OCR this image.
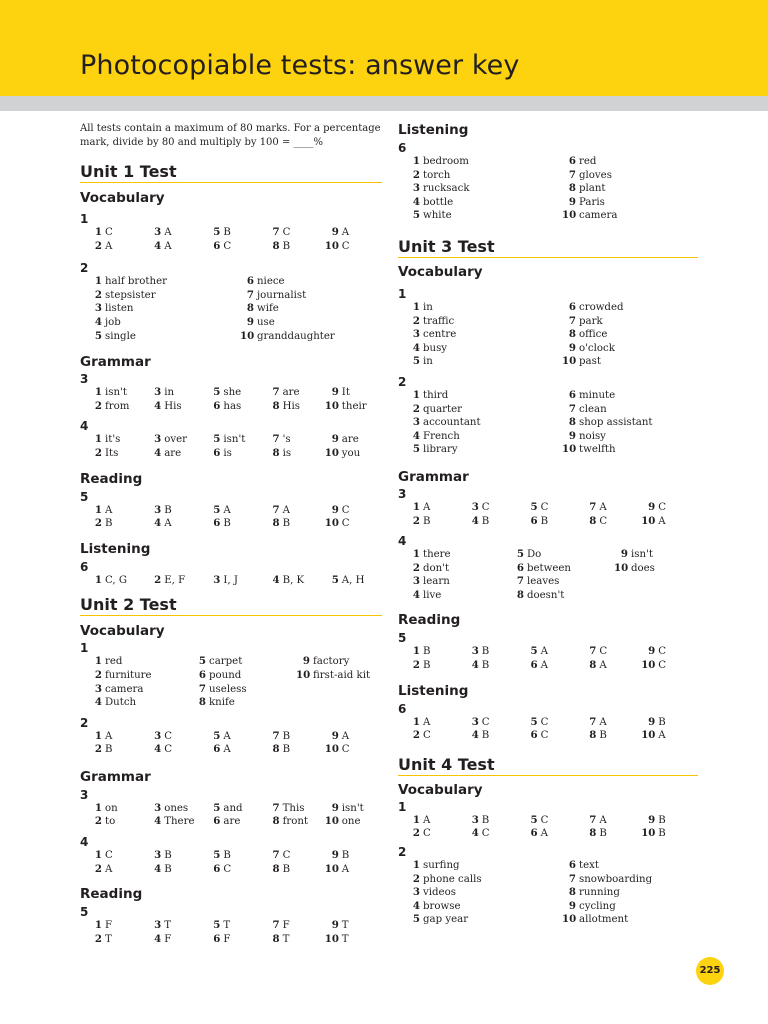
Photocopiable tests: answer key

All tests contain a maximum of 80 marks. For a percentage mark, divide by 80 and multiply by 100 = ____%

Unit 1 Test
Vocabulary
1
1 C	3 A	5 B	7 C	9 A
2 A	4 A	6 C	8 B	10 C
2
1 half brother	6 niece
2 stepsister	7 journalist
3 listen	8 wife
4 job	9 use
5 single	10 granddaughter
Grammar
3
1 isn't	3 in	5 she	7 are	9 It
2 from	4 His	6 has	8 His	10 their
4
1 it's	3 over	5 isn't	7 's	9 are
2 Its	4 are	6 is	8 is	10 you
Reading
5
1 A	3 B	5 A	7 A	9 C
2 B	4 A	6 B	8 B	10 C
Listening
6
1 C, G	2 E, F	3 I, J	4 B, K	5 A, H
Unit 2 Test
Vocabulary
1
1 red	5 carpet	9 factory
2 furniture	6 pound	10 first-aid kit
3 camera	7 useless
4 Dutch	8 knife
2
1 A	3 C	5 A	7 B	9 A
2 B	4 C	6 A	8 B	10 C
Grammar
3
1 on	3 ones	5 and	7 This	9 isn't
2 to	4 There	6 are	8 front	10 one
4
1 C	3 B	5 B	7 C	9 B
2 A	4 B	6 C	8 B	10 A
Reading
5
1 F	3 T	5 T	7 F	9 T
2 T	4 F	6 F	8 T	10 T
Listening
6
1 bedroom	6 red
2 torch	7 gloves
3 rucksack	8 plant
4 bottle	9 Paris
5 white	10 camera
Unit 3 Test
Vocabulary
1
1 in	6 crowded
2 traffic	7 park
3 centre	8 office
4 busy	9 o'clock
5 in	10 past
2
1 third	6 minute
2 quarter	7 clean
3 accountant	8 shop assistant
4 French	9 noisy
5 library	10 twelfth
Grammar
3
1 A	3 C	5 C	7 A	9 C
2 B	4 B	6 B	8 C	10 A
4
1 there	5 Do	9 isn't
2 don't	6 between	10 does
3 learn	7 leaves
4 live	8 doesn't
Reading
5
1 B	3 B	5 A	7 C	9 C
2 B	4 B	6 A	8 A	10 C
Listening
6
1 A	3 C	5 C	7 A	9 B
2 C	4 B	6 C	8 B	10 A
Unit 4 Test
Vocabulary
1
1 A	3 B	5 C	7 A	9 B
2 C	4 C	6 A	8 B	10 B
2
1 surfing	6 text
2 phone calls	7 snowboarding
3 videos	8 running
4 browse	9 cycling
5 gap year	10 allotment
225
